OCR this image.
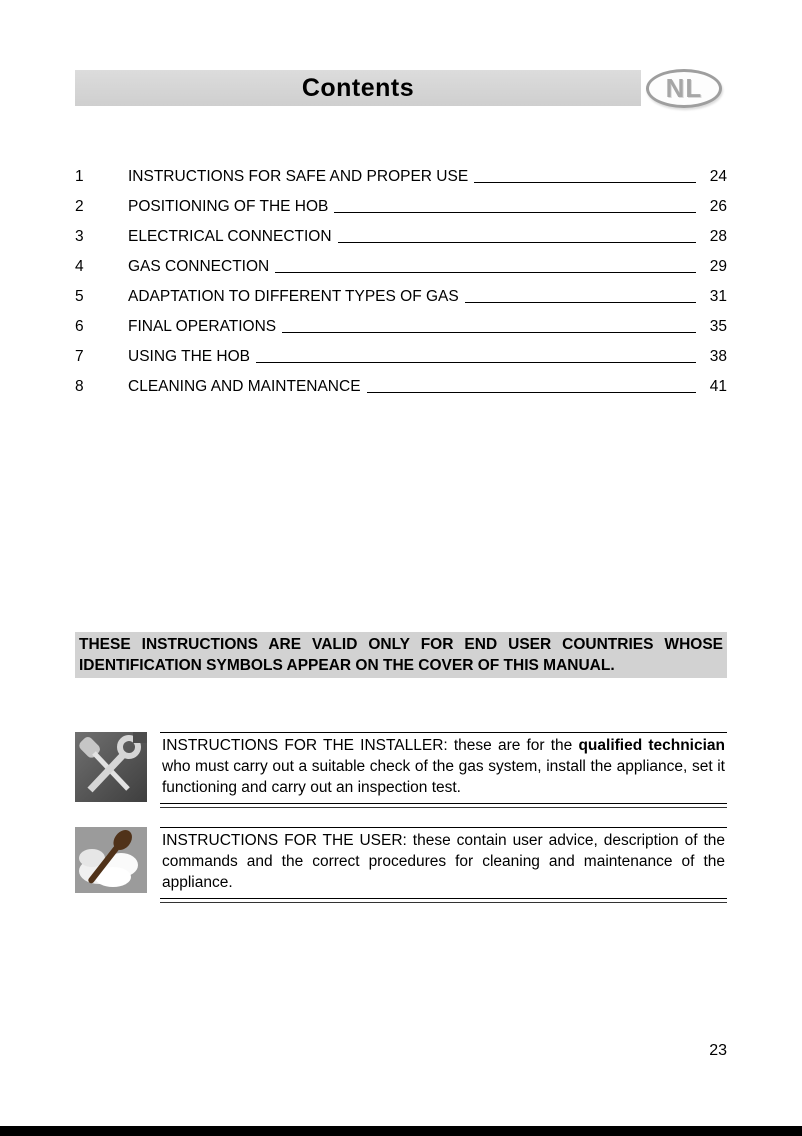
Contents	NL
1	INSTRUCTIONS FOR SAFE AND PROPER USE	24
2	POSITIONING OF THE HOB	26
3	ELECTRICAL CONNECTION	28
4	GAS CONNECTION	29
5	ADAPTATION TO DIFFERENT TYPES OF GAS	31
6	FINAL OPERATIONS	35
7	USING THE HOB	38
8	CLEANING AND MAINTENANCE	41
THESE INSTRUCTIONS ARE VALID ONLY FOR END USER COUNTRIES WHOSE IDENTIFICATION SYMBOLS APPEAR ON THE COVER OF THIS MANUAL.
INSTRUCTIONS FOR THE INSTALLER: these are for the qualified technician who must carry out a suitable check of the gas system, install the appliance, set it functioning and carry out an inspection test.
INSTRUCTIONS FOR THE USER: these contain user advice, description of the commands and the correct procedures for cleaning and maintenance of the appliance.
23
